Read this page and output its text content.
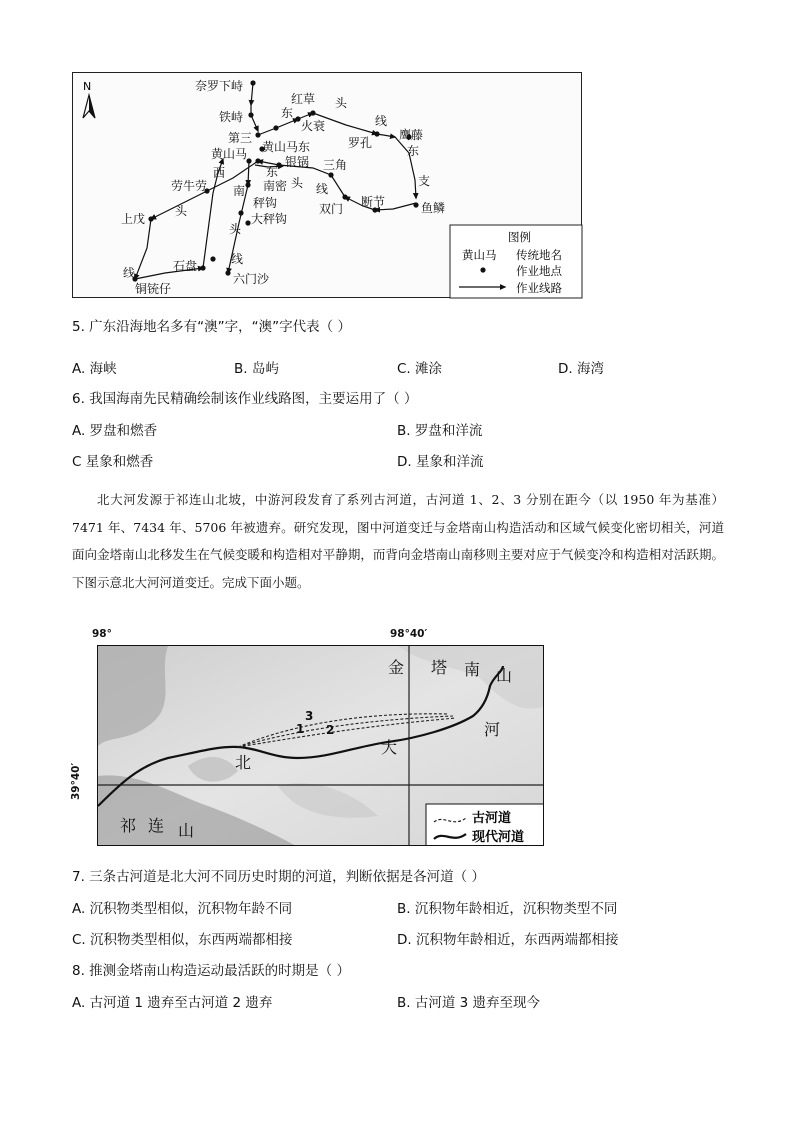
N	奈罗下峙
铁峙
红草
第三
火衰
罗孔
鹰藤
黄山马 黄山马东
银锅 三角
西
劳牛劳
东
南密
南
双门 断节	鱼鳞
秤钩
大秤钩
上戊
石盘
铜铳仔
六门沙
头
线
东
支
头 线
头
线
头
线
东
图例
黄山马 传统地名
作业地点
作业线路
5. 广东沿海地名多有“澳”字，“澳”字代表（ ）
A. 海峡	B. 岛屿	C. 滩涂	D. 海湾
6. 我国海南先民精确绘制该作业线路图，主要运用了（ ）
A. 罗盘和燃香	B. 罗盘和洋流
C 星象和燃香	D. 星象和洋流
北大河发源于祁连山北坡，中游河段发育了系列古河道，古河道 1、2、3 分别在距今（以 1950 年为基准）7471 年、7434 年、5706 年被遗弃。研究发现，图中河道变迁与金塔南山构造活动和区域气候变化密切相关，河道面向金塔南山北移发生在气候变暖和构造相对平静期，而背向金塔南山南移则主要对应于气候变冷和构造相对活跃期。下图示意北大河河道变迁。完成下面小题。
98°	98°40′
39°40′
3
1 2
金 塔 南 山
河
大
北
祁 连 山
古河道
现代河道
7. 三条古河道是北大河不同历史时期的河道，判断依据是各河道（ ）
A. 沉积物类型相似，沉积物年龄不同	B. 沉积物年龄相近，沉积物类型不同
C. 沉积物类型相似，东西两端都相接	D. 沉积物年龄相近，东西两端都相接
8. 推测金塔南山构造运动最活跃的时期是（ ）
A. 古河道 1 遗弃至古河道 2 遗弃	B. 古河道 3 遗弃至现今
